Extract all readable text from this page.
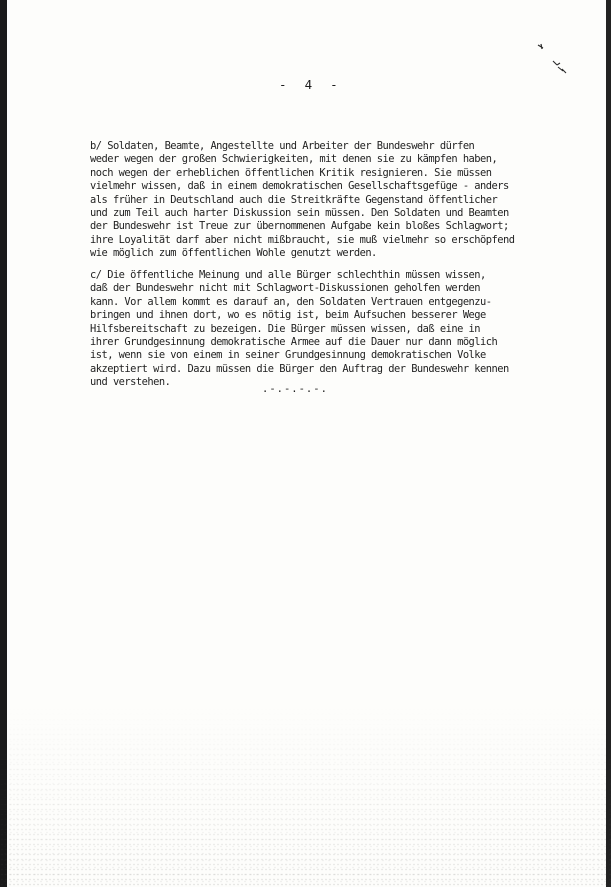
-  4  -
b/ Soldaten, Beamte, Angestellte und Arbeiter der Bundeswehr dürfen
weder wegen der großen Schwierigkeiten, mit denen sie zu kämpfen haben,
noch wegen der erheblichen öffentlichen Kritik resignieren. Sie müssen
vielmehr wissen, daß in einem demokratischen Gesellschaftsgefüge - anders
als früher in Deutschland auch die Streitkräfte Gegenstand öffentlicher
und zum Teil auch harter Diskussion sein müssen. Den Soldaten und Beamten
der Bundeswehr ist Treue zur übernommenen Aufgabe kein bloßes Schlagwort;
ihre Loyalität darf aber nicht mißbraucht, sie muß vielmehr so erschöpfend
wie möglich zum öffentlichen Wohle genutzt werden.
c/ Die öffentliche Meinung und alle Bürger schlechthin müssen wissen,
daß der Bundeswehr nicht mit Schlagwort-Diskussionen geholfen werden
kann. Vor allem kommt es darauf an, den Soldaten Vertrauen entgegenzu-
bringen und ihnen dort, wo es nötig ist, beim Aufsuchen besserer Wege
Hilfsbereitschaft zu bezeigen. Die Bürger müssen wissen, daß eine in
ihrer Grundgesinnung demokratische Armee auf die Dauer nur dann möglich
ist, wenn sie von einem in seiner Grundgesinnung demokratischen Volke
akzeptiert wird. Dazu müssen die Bürger den Auftrag der Bundeswehr kennen
und verstehen.
.-.-.-.-.
